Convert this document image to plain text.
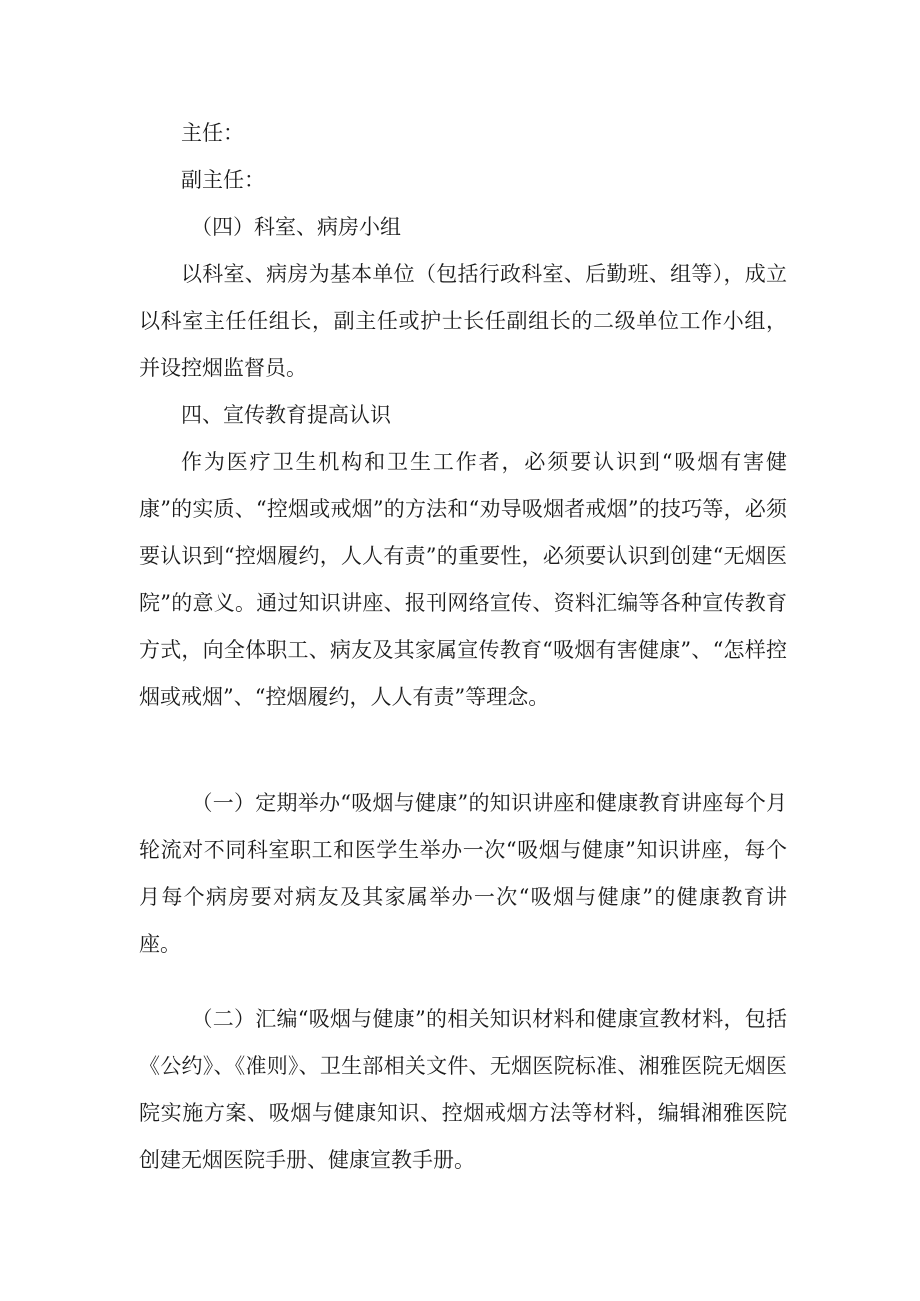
主任：
副主任：
（四）科室、病房小组

以科室、病房为基本单位（包括行政科室、后勤班、组等），成立以科室主任任组长，副主任或护士长任副组长的二级单位工作小组，并设控烟监督员。

四、宣传教育提高认识

作为医疗卫生机构和卫生工作者，必须要认识到“吸烟有害健康”的实质、“控烟或戒烟”的方法和“劝导吸烟者戒烟”的技巧等，必须要认识到“控烟履约，人人有责”的重要性，必须要认识到创建“无烟医院”的意义。通过知识讲座、报刊网络宣传、资料汇编等各种宣传教育方式，向全体职工、病友及其家属宣传教育“吸烟有害健康”、“怎样控烟或戒烟”、“控烟履约，人人有责”等理念。

（一）定期举办“吸烟与健康”的知识讲座和健康教育讲座每个月轮流对不同科室职工和医学生举办一次“吸烟与健康”知识讲座，每个月每个病房要对病友及其家属举办一次“吸烟与健康”的健康教育讲座。

（二）汇编“吸烟与健康”的相关知识材料和健康宣教材料，包括《公约》、《准则》、卫生部相关文件、无烟医院标准、湘雅医院无烟医院实施方案、吸烟与健康知识、控烟戒烟方法等材料，编辑湘雅医院创建无烟医院手册、健康宣教手册。
